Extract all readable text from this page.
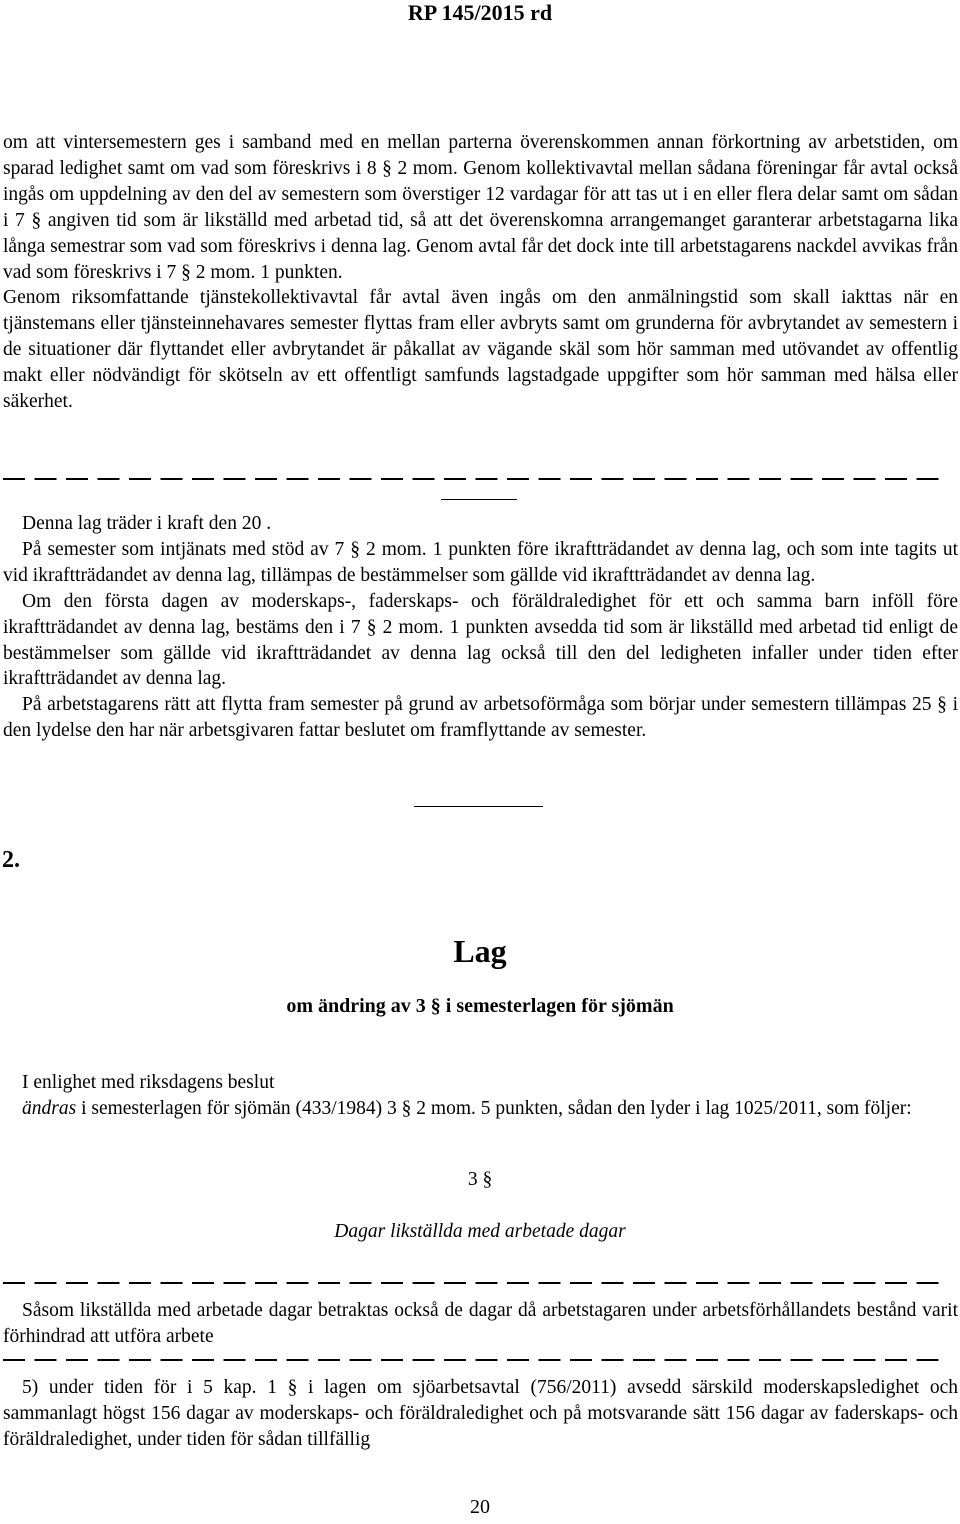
RP 145/2015 rd

om att vintersemestern ges i samband med en mellan parterna överenskommen annan förkortning av arbetstiden, om sparad ledighet samt om vad som föreskrivs i 8 § 2 mom. Genom kollektivavtal mellan sådana föreningar får avtal också ingås om uppdelning av den del av semestern som överstiger 12 vardagar för att tas ut i en eller flera delar samt om sådan i 7 § angiven tid som är likställd med arbetad tid, så att det överenskomna arrangemanget garanterar arbetstagarna lika långa semestrar som vad som föreskrivs i denna lag. Genom avtal får det dock inte till arbetstagarens nackdel avvikas från vad som föreskrivs i 7 § 2 mom. 1 punkten.

Genom riksomfattande tjänstekollektivavtal får avtal även ingås om den anmälningstid som skall iakttas när en tjänstemans eller tjänsteinnehavares semester flyttas fram eller avbryts samt om grunderna för avbrytandet av semestern i de situationer där flyttandet eller avbrytandet är påkallat av vägande skäl som hör samman med utövandet av offentlig makt eller nödvändigt för skötseln av ett offentligt samfunds lagstadgade uppgifter som hör samman med hälsa eller säkerhet.

Denna lag träder i kraft den 20 .

På semester som intjänats med stöd av 7 § 2 mom. 1 punkten före ikraftträdandet av denna lag, och som inte tagits ut vid ikraftträdandet av denna lag, tillämpas de bestämmelser som gällde vid ikraftträdandet av denna lag.

Om den första dagen av moderskaps-, faderskaps- och föräldraledighet för ett och samma barn inföll före ikraftträdandet av denna lag, bestäms den i 7 § 2 mom. 1 punkten avsedda tid som är likställd med arbetad tid enligt de bestämmelser som gällde vid ikraftträdandet av denna lag också till den del ledigheten infaller under tiden efter ikraftträdandet av denna lag.

På arbetstagarens rätt att flytta fram semester på grund av arbetsoförmåga som börjar under semestern tillämpas 25 § i den lydelse den har när arbetsgivaren fattar beslutet om framflyttande av semester.

2.
Lag
om ändring av 3 § i semesterlagen för sjömän

I enlighet med riksdagens beslut

ändras i semesterlagen för sjömän (433/1984) 3 § 2 mom. 5 punkten, sådan den lyder i lag 1025/2011, som följer:

3 §
Dagar likställda med arbetade dagar

Såsom likställda med arbetade dagar betraktas också de dagar då arbetstagaren under arbetsförhållandets bestånd varit förhindrad att utföra arbete

5) under tiden för i 5 kap. 1 § i lagen om sjöarbetsavtal (756/2011) avsedd särskild moderskapsledighet och sammanlagt högst 156 dagar av moderskaps- och föräldraledighet och på motsvarande sätt 156 dagar av faderskaps- och föräldraledighet, under tiden för sådan tillfällig

20
